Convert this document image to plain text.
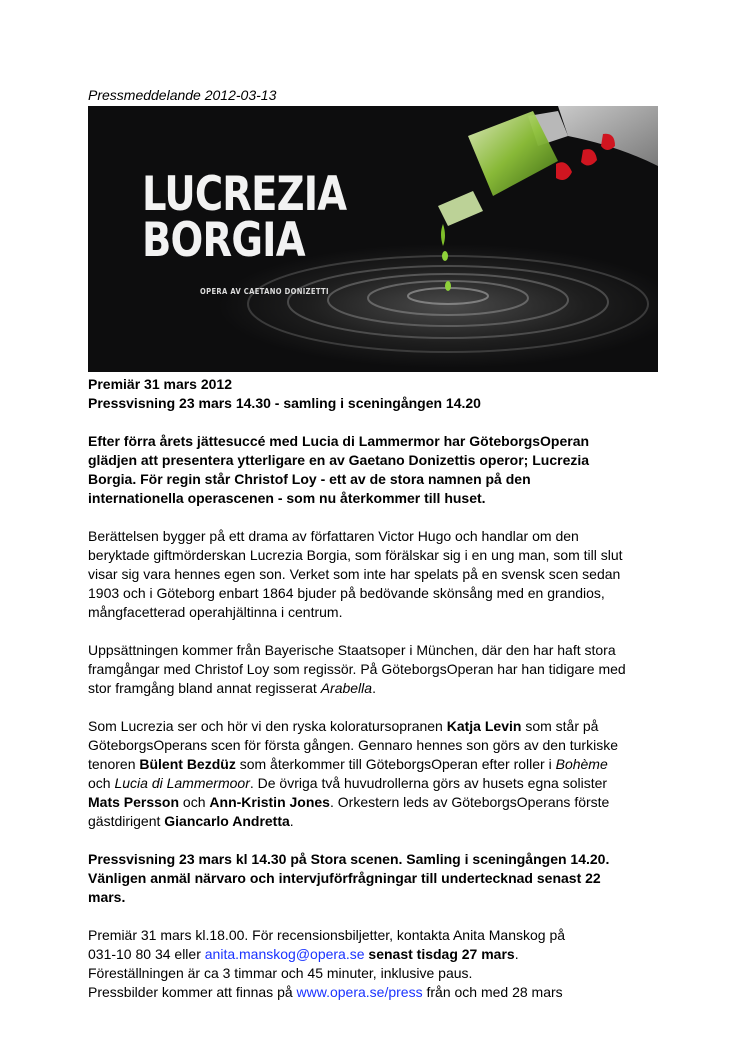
Pressmeddelande 2012-03-13

LUCREZIA
BORGIA
OPERA AV CAETANO DONIZETTI

Premiär 31 mars 2012
Pressvisning 23 mars 14.30 - samling i sceningången 14.20

Efter förra årets jättesuccé med Lucia di Lammermor har GöteborgsOperan
glädjen att presentera ytterligare en av Gaetano Donizettis operor; Lucrezia
Borgia. För regin står Christof Loy - ett av de stora namnen på den
internationella operascenen - som nu återkommer till huset.

Berättelsen bygger på ett drama av författaren Victor Hugo och handlar om den
beryktade giftmörderskan Lucrezia Borgia, som förälskar sig i en ung man, som till slut
visar sig vara hennes egen son. Verket som inte har spelats på en svensk scen sedan
1903 och i Göteborg enbart 1864 bjuder på bedövande skönsång med en grandios,
mångfacetterad operahjältinna i centrum.

Uppsättningen kommer från Bayerische Staatsoper i München, där den har haft stora
framgångar med Christof Loy som regissör. På GöteborgsOperan har han tidigare med
stor framgång bland annat regisserat Arabella.

Som Lucrezia ser och hör vi den ryska koloratursopranen Katja Levin som står på
GöteborgsOperans scen för första gången. Gennaro hennes son görs av den turkiske
tenoren Bülent Bezdüz som återkommer till GöteborgsOperan efter roller i Bohème
och Lucia di Lammermoor. De övriga två huvudrollerna görs av husets egna solister
Mats Persson och Ann-Kristin Jones. Orkestern leds av GöteborgsOperans förste
gästdirigent Giancarlo Andretta.

Pressvisning 23 mars kl 14.30 på Stora scenen. Samling i sceningången 14.20.
Vänligen anmäl närvaro och intervjuförfrågningar till undertecknad senast 22
mars.

Premiär 31 mars kl.18.00. För recensionsbiljetter, kontakta Anita Manskog på
031-10 80 34 eller anita.manskog@opera.se senast tisdag 27 mars.
Föreställningen är ca 3 timmar och 45 minuter, inklusive paus.
Pressbilder kommer att finnas på www.opera.se/press från och med 28 mars
